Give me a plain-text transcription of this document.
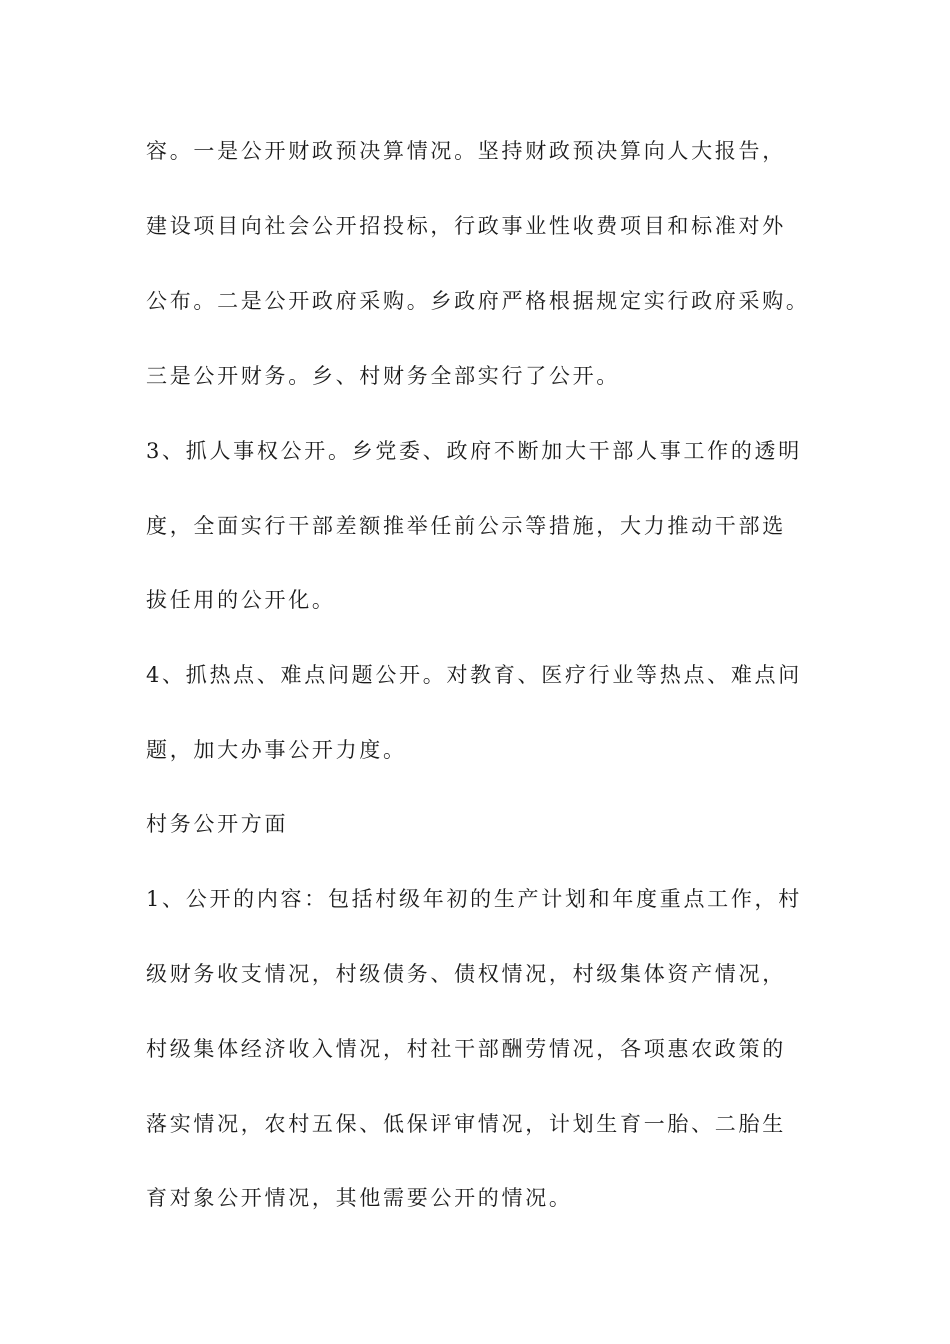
容。一是公开财政预决算情况。坚持财政预决算向人大报告，

建设项目向社会公开招投标，行政事业性收费项目和标准对外

公布。二是公开政府采购。乡政府严格根据规定实行政府采购。

三是公开财务。乡、村财务全部实行了公开。

3、抓人事权公开。乡党委、政府不断加大干部人事工作的透明

度，全面实行干部差额推举任前公示等措施，大力推动干部选

拔任用的公开化。

4、抓热点、难点问题公开。对教育、医疗行业等热点、难点问

题，加大办事公开力度。

村务公开方面

1、公开的内容：包括村级年初的生产计划和年度重点工作，村

级财务收支情况，村级债务、债权情况，村级集体资产情况，

村级集体经济收入情况，村社干部酬劳情况，各项惠农政策的

落实情况，农村五保、低保评审情况，计划生育一胎、二胎生

育对象公开情况，其他需要公开的情况。
